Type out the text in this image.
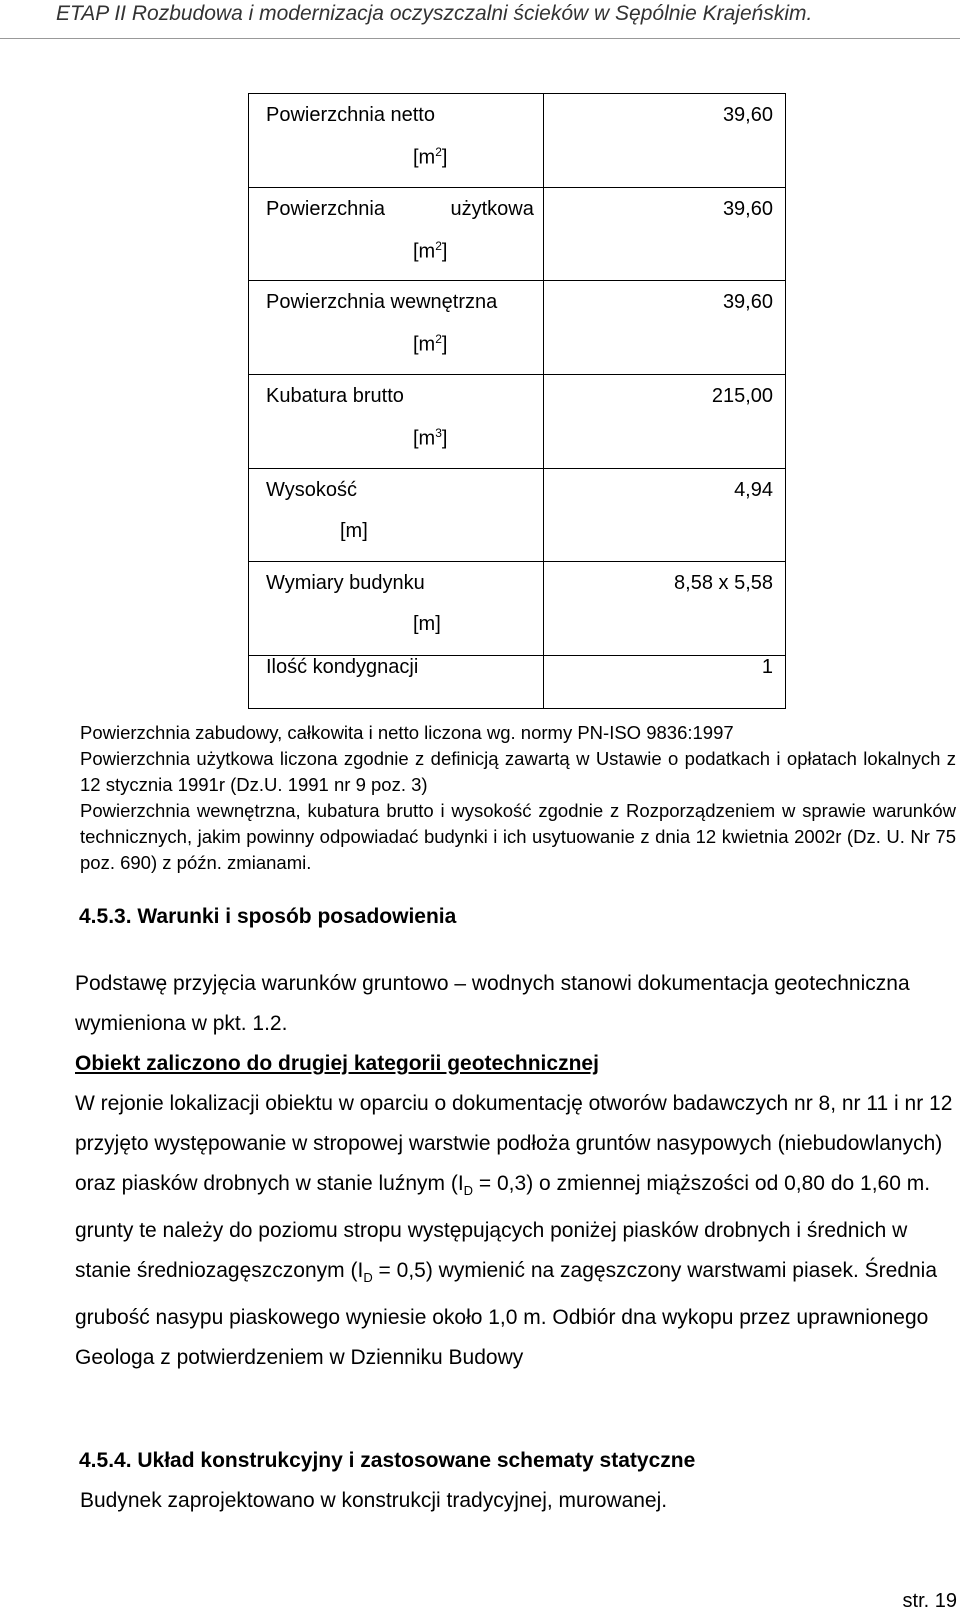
ETAP II Rozbudowa i modernizacja oczyszczalni ścieków w Sępólnie Krajeńskim.
Powierzchnia netto
$[m^2]$	39,60

Powierzchnia użytkowa
$[m^2]$	39,60

Powierzchnia wewnętrzna
$[m^2]$	39,60

Kubatura brutto
$[m^3]$	215,00

Wysokość
[m]	4,94

Wymiary budynku
[m]	8,58 x 5,58
Ilość kondygnacji	1

Powierzchnia zabudowy, całkowita i netto liczona wg. normy PN-ISO 9836:1997

Powierzchnia użytkowa liczona zgodnie z definicją zawartą w Ustawie o podatkach i opłatach lokalnych z 12 stycznia 1991r (Dz.U. 1991 nr 9 poz. 3)

Powierzchnia wewnętrzna, kubatura brutto i wysokość zgodnie z Rozporządzeniem w sprawie warunków technicznych, jakim powinny odpowiadać budynki i ich usytuowanie z dnia 12 kwietnia 2002r (Dz. U. Nr 75 poz. 690) z późn. zmianami.

4.5.3. Warunki i sposób posadowienia

Podstawę przyjęcia warunków gruntowo – wodnych stanowi dokumentacja geotechniczna wymieniona w pkt. 1.2.

Obiekt zaliczono do drugiej kategorii geotechnicznej

W rejonie lokalizacji obiektu w oparciu o dokumentację otworów badawczych nr 8, nr 11 i nr 12 przyjęto występowanie w stropowej warstwie podłoża gruntów nasypowych (niebudowlanych) oraz piasków drobnych w stanie luźnym $(I_D = 0,3)$ o zmiennej miąższości od 0,80 do 1,60 m. grunty te należy do poziomu stropu występujących poniżej piasków drobnych i średnich w stanie średniozagęszczonym $(I_D = 0,5)$ wymienić na zagęszczony warstwami piasek. Średnia grubość nasypu piaskowego wyniesie około 1,0 m. Odbiór dna wykopu przez uprawnionego Geologa z potwierdzeniem w Dzienniku Budowy

4.5.4. Układ konstrukcyjny i zastosowane schematy statyczne
Budynek zaprojektowano w konstrukcji tradycyjnej, murowanej.
str. 19
